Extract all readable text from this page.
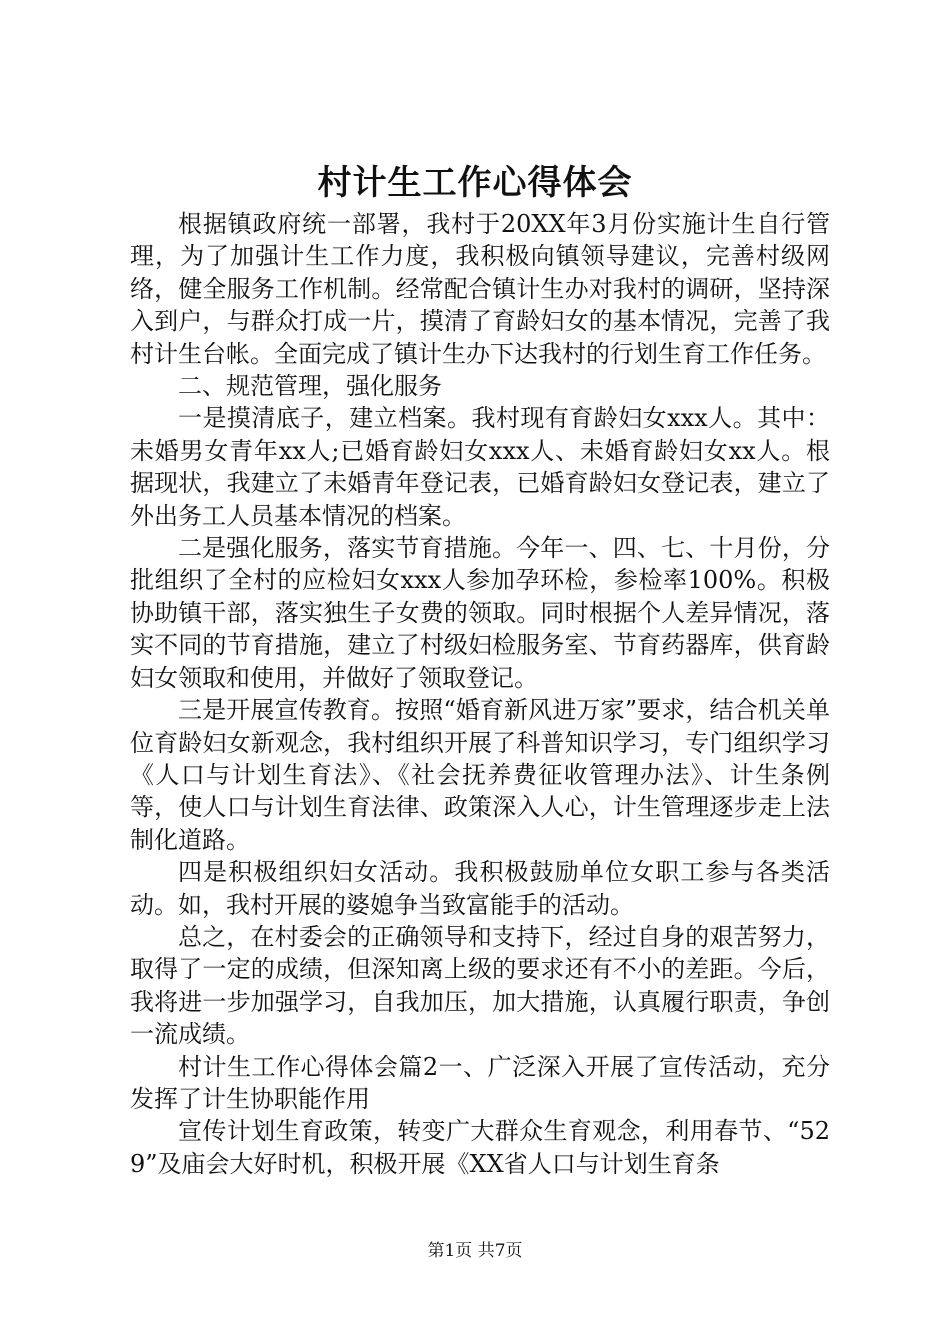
村计生工作心得体会

根据镇政府统一部署，我村于20XX年3月份实施计生自行管理，为了加强计生工作力度，我积极向镇领导建议，完善村级网络，健全服务工作机制。经常配合镇计生办对我村的调研，坚持深入到户，与群众打成一片，摸清了育龄妇女的基本情况，完善了我村计生台帐。全面完成了镇计生办下达我村的行划生育工作任务。

二、规范管理，强化服务

一是摸清底子，建立档案。我村现有育龄妇女xxx人。其中：未婚男女青年xx人;已婚育龄妇女xxx人、未婚育龄妇女xx人。根据现状，我建立了未婚青年登记表，已婚育龄妇女登记表，建立了外出务工人员基本情况的档案。

二是强化服务，落实节育措施。今年一、四、七、十月份，分批组织了全村的应检妇女xxx人参加孕环检，参检率100%。积极协助镇干部，落实独生子女费的领取。同时根据个人差异情况，落实不同的节育措施，建立了村级妇检服务室、节育药器库，供育龄妇女领取和使用，并做好了领取登记。

三是开展宣传教育。按照“婚育新风进万家”要求，结合机关单位育龄妇女新观念，我村组织开展了科普知识学习，专门组织学习《人口与计划生育法》、《社会抚养费征收管理办法》、计生条例等，使人口与计划生育法律、政策深入人心，计生管理逐步走上法制化道路。

四是积极组织妇女活动。我积极鼓励单位女职工参与各类活动。如，我村开展的婆媳争当致富能手的活动。

总之，在村委会的正确领导和支持下，经过自身的艰苦努力，取得了一定的成绩，但深知离上级的要求还有不小的差距。今后，我将进一步加强学习，自我加压，加大措施，认真履行职责，争创一流成绩。

村计生工作心得体会篇2一、广泛深入开展了宣传活动，充分发挥了计生协职能作用

宣传计划生育政策，转变广大群众生育观念，利用春节、“529”及庙会大好时机，积极开展《XX省人口与计划生育条

第1页 共7页
